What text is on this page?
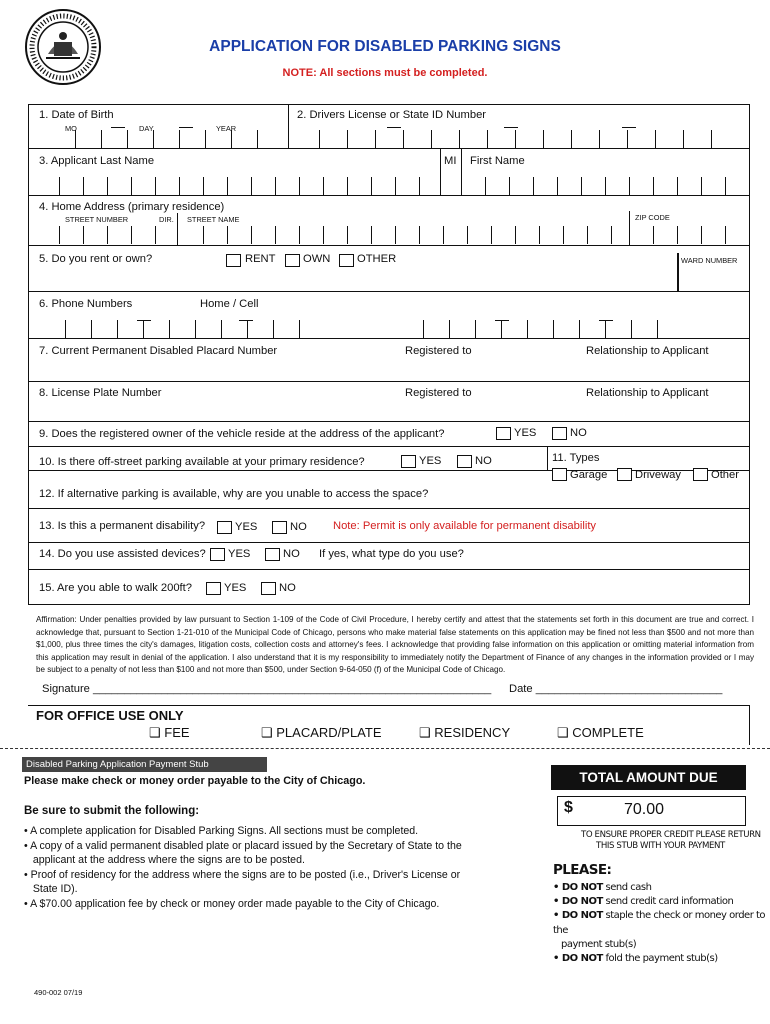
APPLICATION FOR DISABLED PARKING SIGNS
NOTE: All sections must be completed.
1. Date of Birth
MO	DAY	YEAR
2. Drivers License or State ID Number
3. Applicant Last Name	MI First Name
4. Home Address (primary residence)
STREET NUMBER	DIR. STREET NAME	ZIP CODE
5. Do you rent or own?	RENT OWN OTHER	WARD NUMBER
6. Phone Numbers	Home / Cell
7. Current Permanent Disabled Placard Number	Registered to	Relationship to Applicant
8. License Plate Number	Registered to	Relationship to Applicant
9. Does the registered owner of the vehicle reside at the address of the applicant?	YES	NO
10. Is there off-street parking available at your primary residence?	YES	NO	11. Types
Garage Driveway	Other
12. If alternative parking is available, why are you unable to access the space?
13. Is this a permanent disability?	YES	NO Note: Permit is only available for permanent disability
14. Do you use assisted devices? YES	NO If yes, what type do you use?
15. Are you able to walk 200ft?	YES	NO
Affirmation: Under penalties provided by law pursuant to Section 1-109 of the Code of Civil Procedure, I hereby certify and attest that the statements set forth in this document are true and correct. I acknowledge that, pursuant to Section 1-21-010 of the Municipal Code of Chicago, persons who make material false statements on this application may be fined not less than $500 and not more than $1,000, plus three times the city's damages, litigation costs, collection costs and attorney's fees. I acknowledge that providing false information on this application or omitting material information from this application may result in denial of the application. I also understand that it is my responsibility to immediately notify the Department of Finance of any changes in the information provided or I may be subject to a penalty of not less than $100 and not more than $500, under Section 9-64-050 (f) of the Municipal Code of Chicago.
Signature ________________________________________________________________ Date ______________________________
FOR OFFICE USE ONLY
❑ FEE	❑ PLACARD/PLATE	❑ RESIDENCY	❑ COMPLETE
Disabled Parking Application Payment Stub
Please make check or money order payable to the City of Chicago.	TOTAL AMOUNT DUE
$	70.00
TO ENSURE PROPER CREDIT PLEASE RETURN
THIS STUB WITH YOUR PAYMENT
Be sure to submit the following:
• A complete application for Disabled Parking Signs. All sections must be completed.
• A copy of a valid permanent disabled plate or placard issued by the Secretary of State to the
applicant at the address where the signs are to be posted.
• Proof of residency for the address where the signs are to be posted (i.e., Driver's License or
State ID).
• A $70.00 application fee by check or money order made payable to the City of Chicago.
PLEASE:
• DO NOT send cash
• DO NOT send credit card information
• DO NOT staple the check or money order to the
payment stub(s)
• DO NOT fold the payment stub(s)
490-002 07/19
